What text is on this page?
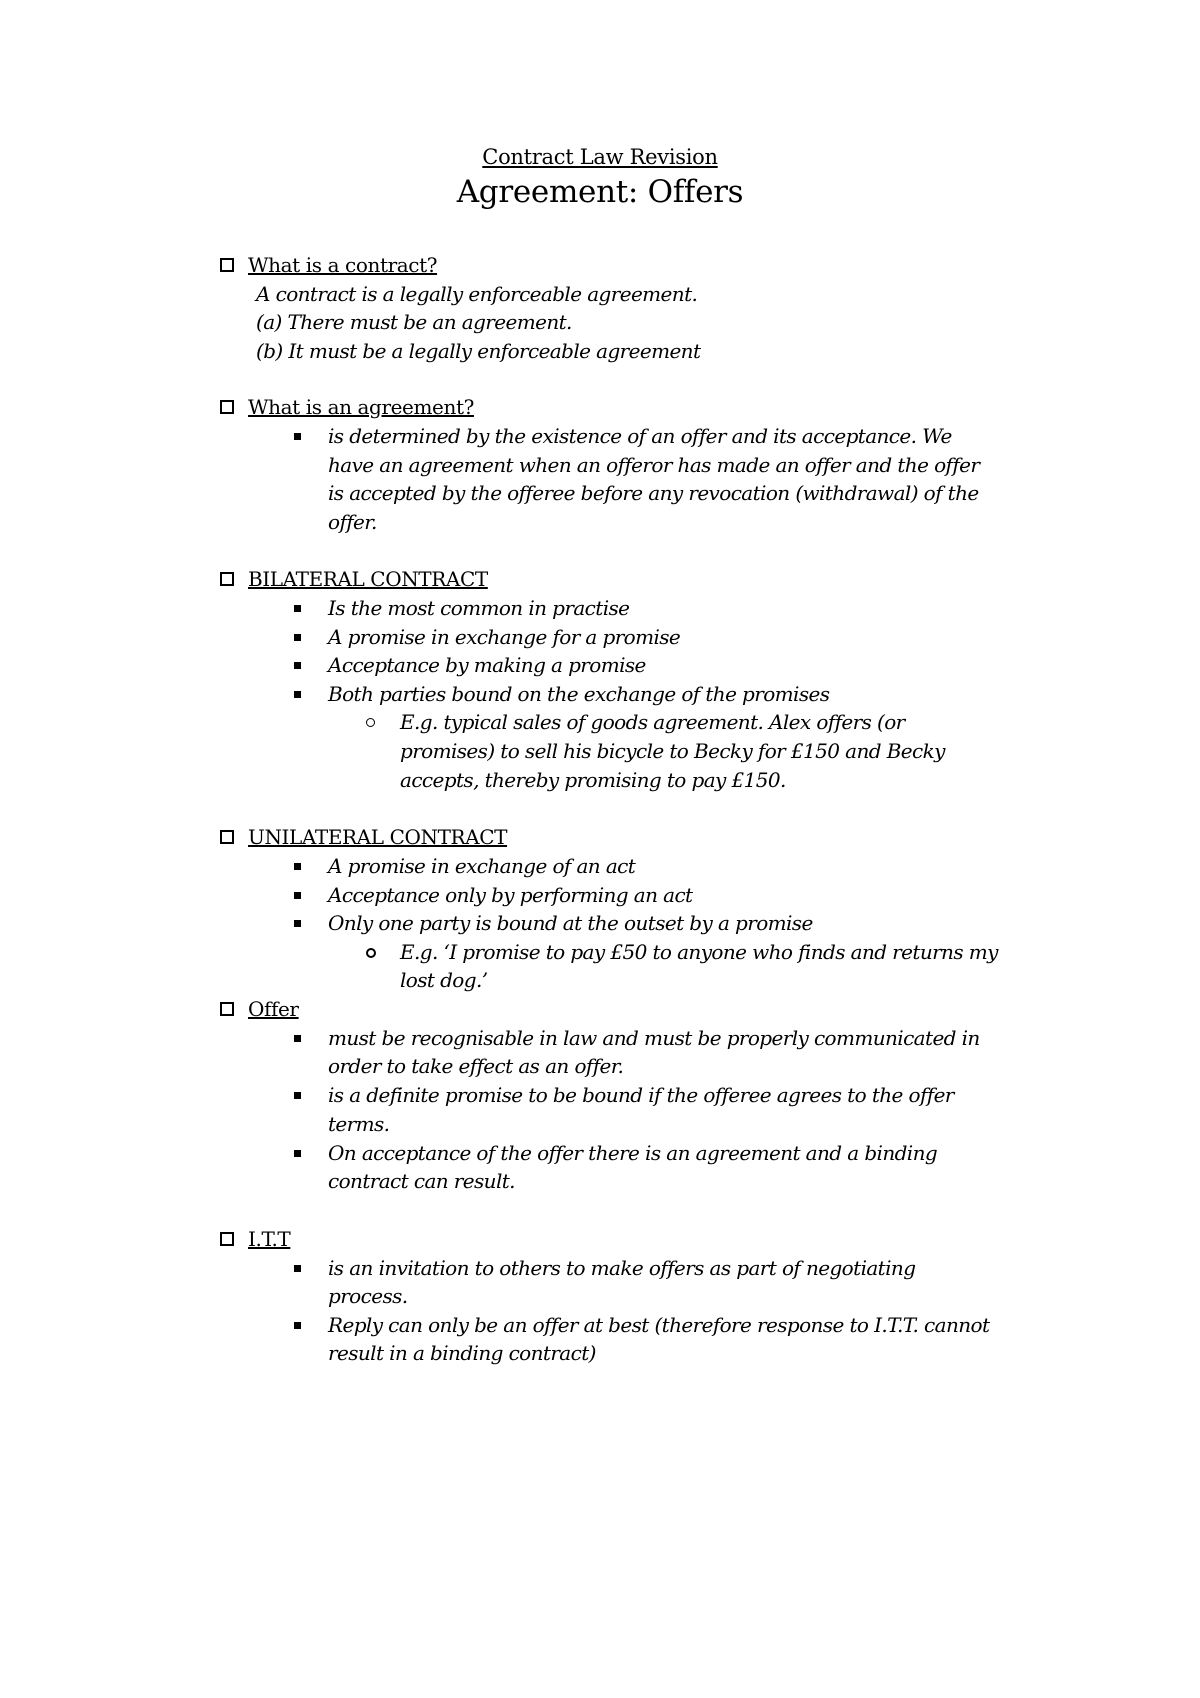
Contract Law Revision
Agreement: Offers
What is a contract?
A contract is a legally enforceable agreement.
(a) There must be an agreement.
(b) It must be a legally enforceable agreement
What is an agreement?
is determined by the existence of an offer and its acceptance. We
have an agreement when an offeror has made an offer and the offer
is accepted by the offeree before any revocation (withdrawal) of the
offer.
BILATERAL CONTRACT
Is the most common in practise
A promise in exchange for a promise
Acceptance by making a promise
Both parties bound on the exchange of the promises
E.g. typical sales of goods agreement. Alex offers (or
promises) to sell his bicycle to Becky for £150 and Becky
accepts, thereby promising to pay £150.
UNILATERAL CONTRACT
A promise in exchange of an act
Acceptance only by performing an act
Only one party is bound at the outset by a promise
E.g. ‘I promise to pay £50 to anyone who finds and returns my
lost dog.’
Offer
must be recognisable in law and must be properly communicated in
order to take effect as an offer.
is a definite promise to be bound if the offeree agrees to the offer
terms.
On acceptance of the offer there is an agreement and a binding
contract can result.
I.T.T
is an invitation to others to make offers as part of negotiating
process.
Reply can only be an offer at best (therefore response to I.T.T. cannot
result in a binding contract)
